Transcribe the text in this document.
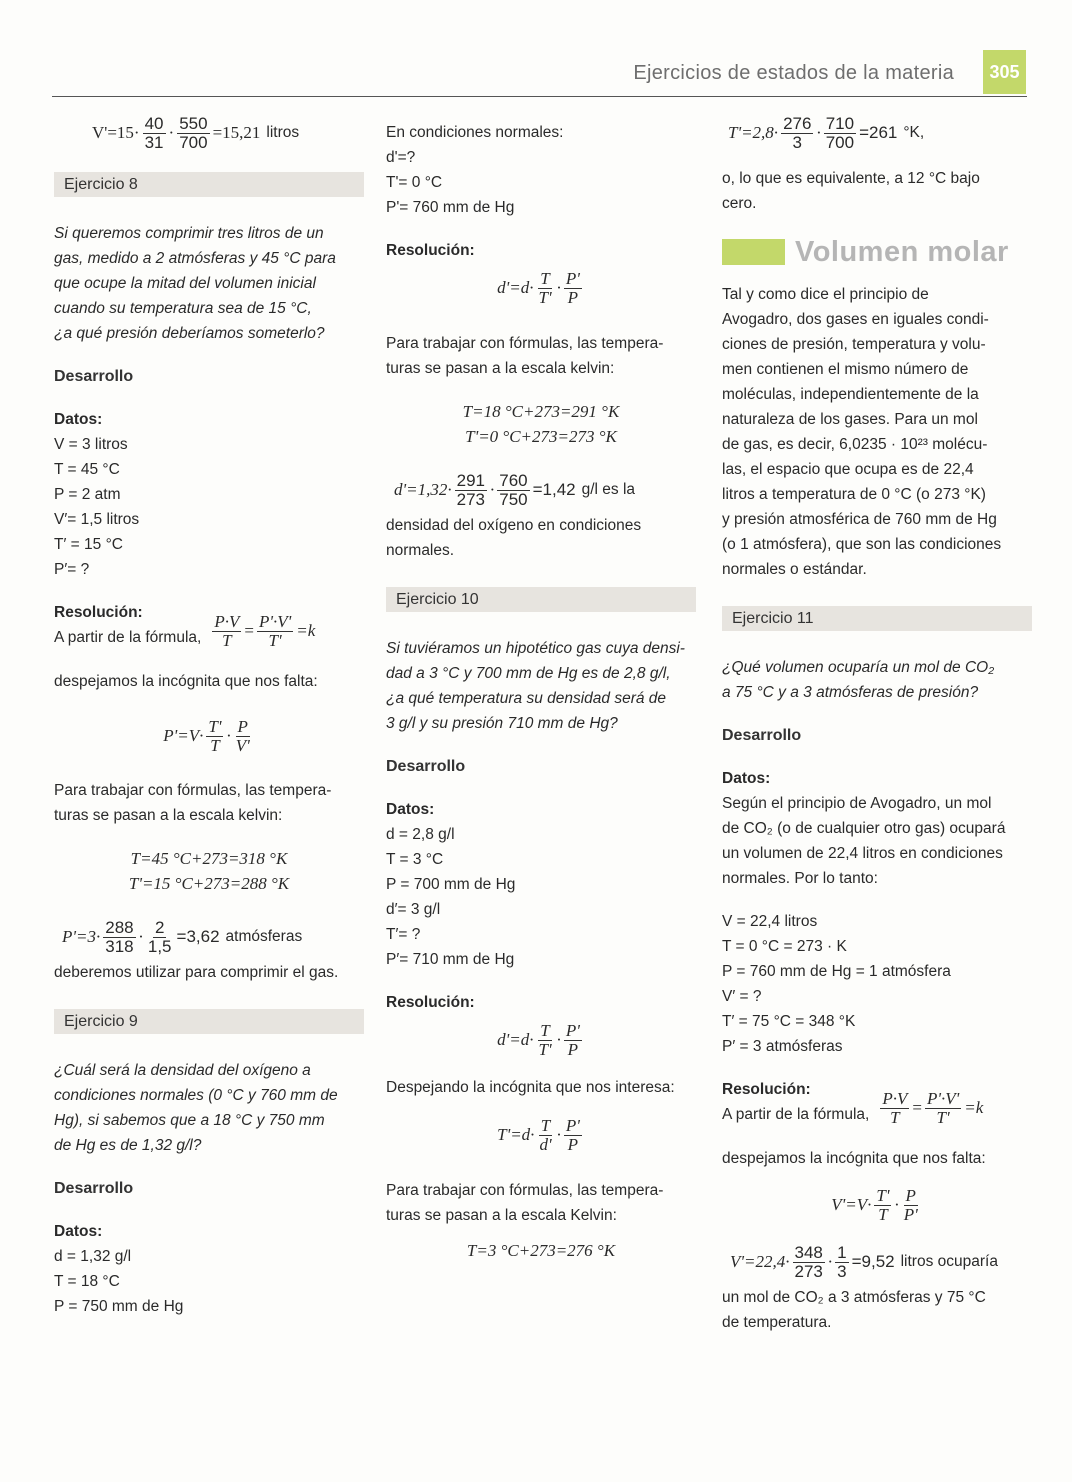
Ejercicios de estados de la materia	305
$V'=15\cdot \frac{40}{31} \cdot \frac{550}{700} =15,21$ litros
Ejercicio 8
Si queremos comprimir tres litros de un
gas, medido a 2 atmósferas y 45 °C para
que ocupe la mitad del volumen inicial
cuando su temperatura sea de 15 °C,
¿a qué presión deberíamos someterlo?
Desarrollo
Datos:
V = 3 litros
T = 45 °C
P = 2 atm
V′= 1,5 litros
T′ = 15 °C
P′= ?
Resolución:
A partir de la fórmula, $\frac{P\cdot V}{T} = \frac{P'\cdot V'}{T'} =k$
despejamos la incógnita que nos falta:
$P'=V\cdot \frac{T'}{T} \cdot \frac{P}{V'}$
Para trabajar con fórmulas, las tempera-
turas se pasan a la escala kelvin:
T=45 °C+273=318 °K
T'=15 °C+273=288 °K
$P'=3\cdot \frac{288}{318} \cdot \frac{2}{1,5} =3,62$ atmósferas
deberemos utilizar para comprimir el gas.
Ejercicio 9
¿Cuál será la densidad del oxígeno a
condiciones normales (0 °C y 760 mm de
Hg), si sabemos que a 18 °C y 750 mm
de Hg es de 1,32 g/l?
Desarrollo
Datos:
d = 1,32 g/l
T = 18 °C
P = 750 mm de Hg
En condiciones normales:
d'=?
T'= 0 °C
P'= 760 mm de Hg
Resolución:
$d'=d\cdot \frac{T}{T'} \cdot \frac{P'}{P}$
Para trabajar con fórmulas, las tempera-
turas se pasan a la escala kelvin:
T=18 °C+273=291 °K
T'=0 °C+273=273 °K
$d'=1,32\cdot \frac{291}{273} \cdot \frac{760}{750} =1,42$ g/l es la
densidad del oxígeno en condiciones
normales.
Ejercicio 10
Si tuviéramos un hipotético gas cuya densi-
dad a 3 °C y 700 mm de Hg es de 2,8 g/l,
¿a qué temperatura su densidad será de
3 g/l y su presión 710 mm de Hg?
Desarrollo
Datos:
d = 2,8 g/l
T = 3 °C
P = 700 mm de Hg
d′= 3 g/l
T′= ?
P′= 710 mm de Hg
Resolución:
$d'=d\cdot \frac{T}{T'} \cdot \frac{P'}{P}$
Despejando la incógnita que nos interesa:
$T'=d\cdot \frac{T}{d'} \cdot \frac{P'}{P}$
Para trabajar con fórmulas, las tempera-
turas se pasan a la escala Kelvin:
T=3 °C+273=276 °K
$T'=2,8\cdot \frac{276}{3} \cdot \frac{710}{700} =261$ °K,
o, lo que es equivalente, a 12 °C bajo
cero.
Volumen molar
Tal y como dice el principio de
Avogadro, dos gases en iguales condi-
ciones de presión, temperatura y volu-
men contienen el mismo número de
moléculas, independientemente de la
naturaleza de los gases. Para un mol
de gas, es decir, 6,0235 · 10²³ molécu-
las, el espacio que ocupa es de 22,4
litros a temperatura de 0 °C (o 273 °K)
y presión atmosférica de 760 mm de Hg
(o 1 atmósfera), que son las condiciones
normales o estándar.
Ejercicio 11
¿Qué volumen ocuparía un mol de CO₂
a 75 °C y a 3 atmósferas de presión?
Desarrollo
Datos:
Según el principio de Avogadro, un mol
de CO₂ (o de cualquier otro gas) ocupará
un volumen de 22,4 litros en condiciones
normales. Por lo tanto:
V = 22,4 litros
T = 0 °C = 273 · K
P = 760 mm de Hg = 1 atmósfera
V′ = ?
T′ = 75 °C = 348 °K
P′ = 3 atmósferas
Resolución:
A partir de la fórmula, $\frac{P\cdot V}{T} = \frac{P'\cdot V'}{T'} =k$
despejamos la incógnita que nos falta:
$V'=V\cdot \frac{T'}{T} \cdot \frac{P}{P'}$
$V'=22,4\cdot \frac{348}{273} \cdot \frac{1}{3} =9,52$ litros ocuparía
un mol de CO₂ a 3 atmósferas y 75 °C
de temperatura.
